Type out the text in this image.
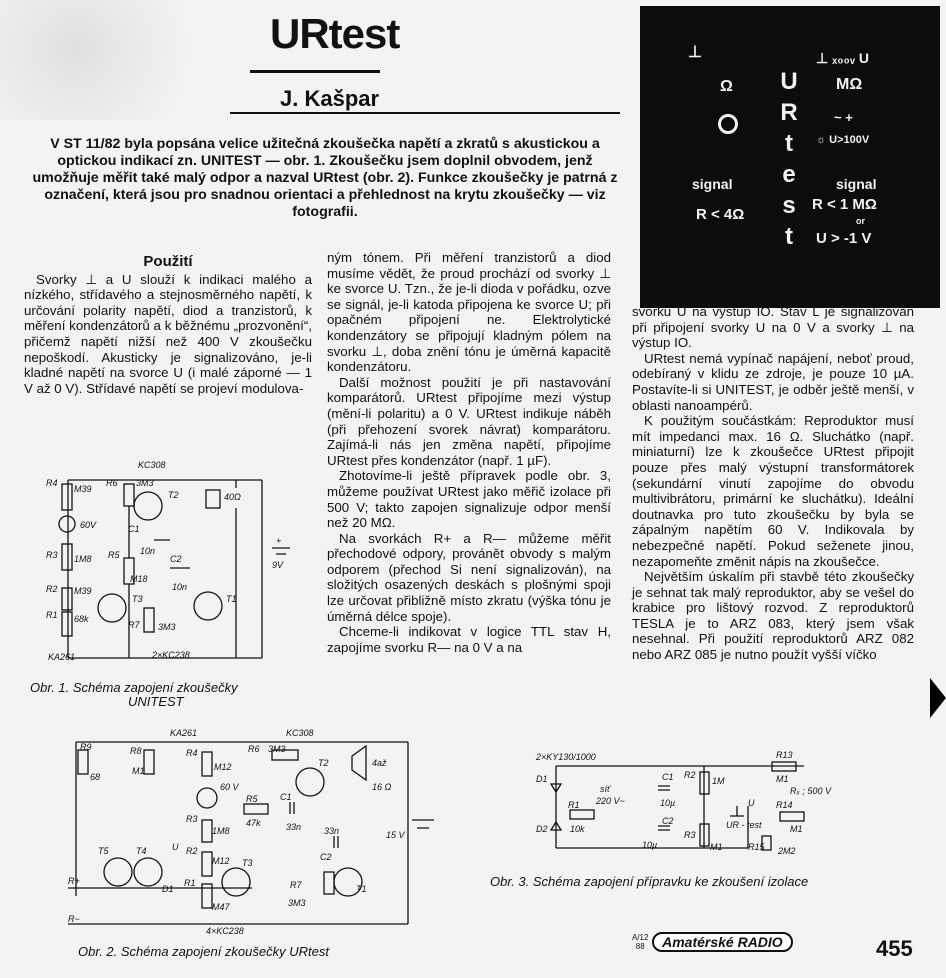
URtest
J. Kašpar
V ST 11/82 byla popsána velice užitečná zkoušečka napětí a zkratů s akustickou a optickou indikací zn. UNITEST — obr. 1. Zkoušečku jsem doplnil obvodem, jenž umožňuje měřit také malý odpor a nazval URtest (obr. 2). Funkce zkoušečky je patrná z označení, která jsou pro snadnou orientaci a přehlednost na krytu zkoušečky — viz fotografii.
⊥
Ω U
R
t
e
s
t
⊥ ₓ₀₀ᵥ U
MΩ
~ +
☼ U>100V
signal	signal
R < 4Ω
R < 1 MΩ
or
U > -1 V
Použití

Svorky ⊥ a U slouží k indikaci malého a nízkého, střídavého a stejnosměrného napětí, k určování polarity napětí, diod a tranzistorů, k měření kondenzátorů a k běžnému „prozvonění“, přičemž napětí nižší než 400 V zkoušečku nepoškodí. Akusticky je signalizováno, je-li kladné napětí na svorce U (i malé záporné — 1 V až 0 V). Střídavé napětí se projeví modulova-

ným tónem. Při měření tranzistorů a diod musíme vědět, že proud prochází od svorky ⊥ ke svorce U. Tzn., že je-li dioda v pořádku, ozve se signál, je-li katoda připojena ke svorce U; při opačném připojení ne. Elektrolytické kondenzátory se připojují kladným pólem na svorku ⊥, doba znění tónu je úměrná kapacitě kondenzátoru.

Další možnost použití je při nastavování komparátorů. URtest připojíme mezi výstup (mění-li polaritu) a 0 V. URtest indikuje náběh (při přehození svorek návrat) komparátoru. Zajímá-li nás jen změna napětí, připojíme URtest přes kondenzátor (např. 1 µF).

Zhotovíme-li ještě přípravek podle obr. 3, můžeme používat URtest jako měřič izolace při 500 V; takto zapojen signalizuje odpor menší než 20 MΩ.

Na svorkách R+ a R— můžeme měřit přechodové odpory, provánět obvody s malým odporem (přechod Si není signalizován), na složitých osazených deskách s plošnými spoji lze určovat přibližně místo zkratu (výška tónu je úměrná délce spoje).

Chceme-li indikovat v logice TTL stav H, zapojíme svorku R— na 0 V a na

svorku U na výstup IO. Stav L je signalizován při připojení svorky U na 0 V a svorky ⊥ na výstup IO.

URtest nemá vypínač napájení, neboť proud, odebíraný v klidu ze zdroje, je pouze 10 µA. Postavíte-li si UNITEST, je odběr ještě menší, v oblasti nanoampérů.

K použitým součástkám: Reproduktor musí mít impedanci max. 16 Ω. Sluchátko (např. miniaturní) lze k zkoušečce URtest připojit pouze přes malý výstupní transformátorek (sekundární vinutí zapojíme do obvodu multivibrátoru, primární ke sluchátku). Ideální doutnavka pro tuto zkoušečku by byla se zápalným napětím 60 V. Indikovala by nebezpečné napětí. Pokud seženete jinou, nezapomeňte změnit nápis na zkoušečce.

Největším úskalím při stavbě této zkoušečky je sehnat tak malý reproduktor, aby se vešel do krabice pro lištový rozvod. Z reproduktorů TESLA je to ARZ 083, který jsem však nesehnal. Při použití reproduktorů ARZ 082 nebo ARZ 085 je nutno použít vyšší víčko

KC308
R4
M39
R6 3M3
T2	40Ω
60V	C1
10n
R3 1M8 R5
M18
C2
10n
9V
+
R2 M39
T3	T1
R1 68k
R7 3M3
KA261	2×KC238
Obr. 1. Schéma zapojení zkoušečky
UNITEST
KA261	KC308
R9
68
R8
M1
R4
M12
R6 3M3
T2	4až
16 Ω
60 V
R5
47k
C1
33n
R3
1M8
U R2
M12
33n
C2
15 V
T5	T4
T3
D1
R1
M47
R7
3M3
T1
R+
R−
4×KC238
Obr. 2. Schéma zapojení zkoušečky URtest
2×KY130/1000
D1
D2
R1
10k
síť
220 V~
C1
10µ
C2
10µ
R2
1M
R3
M1
U
UR - test
R13
M1
Rₓ ; 500 V
R14
M1
R15 2M2
Obr. 3. Schéma zapojení přípravku ke zkoušení izolace
A/12
88 Amatérské RADIO	455
